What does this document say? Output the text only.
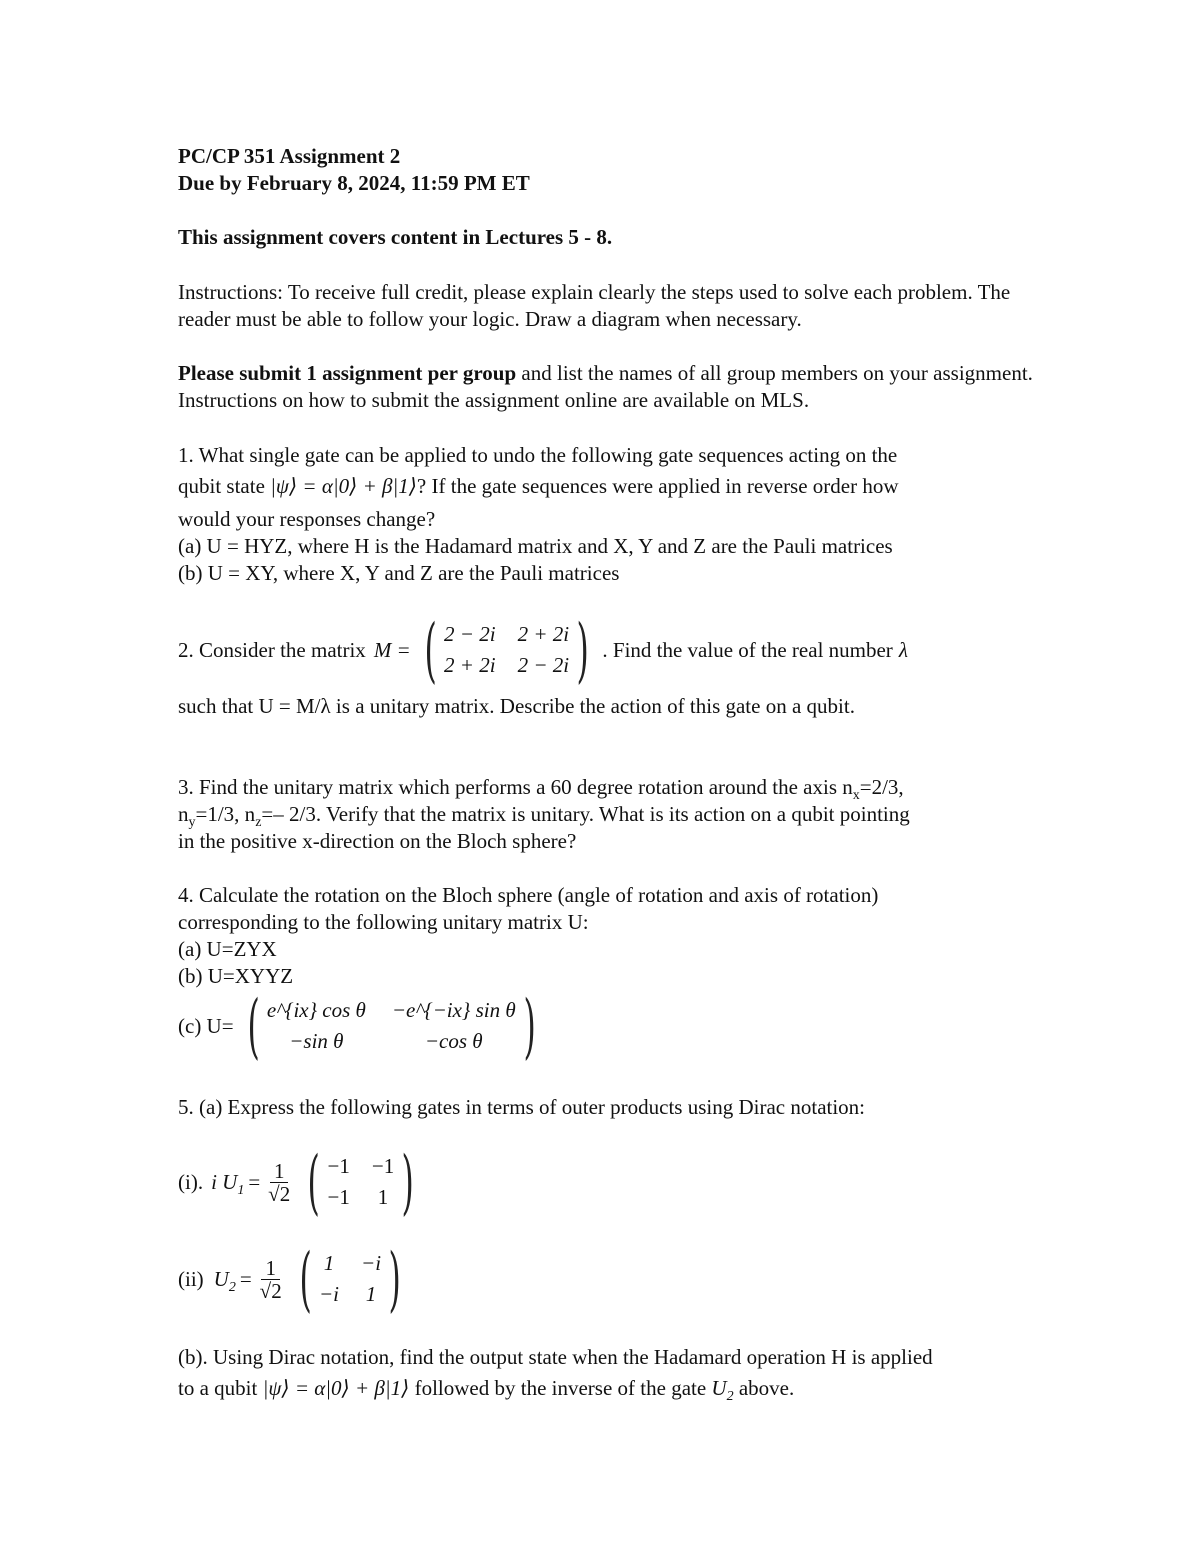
PC/CP 351 Assignment 2
Due by February 8, 2024, 11:59 PM ET
This assignment covers content in Lectures 5 - 8.

Instructions: To receive full credit, please explain clearly the steps used to solve each problem. The reader must be able to follow your logic. Draw a diagram when necessary.

Please submit 1 assignment per group and list the names of all group members on your assignment. Instructions on how to submit the assignment online are available on MLS.

1. What single gate can be applied to undo the following gate sequences acting on the
qubit state |ψ⟩ = α|0⟩ + β|1⟩? If the gate sequences were applied in reverse order how
would your responses change?
(a) U = HYZ, where H is the Hadamard matrix and X, Y and Z are the Pauli matrices
(b) U = XY, where X, Y and Z are the Pauli matrices
2. Consider the matrix M = ( 2 − 2i 2 + 2i
2 + 2i 2 − 2i ) . Find the value of the real number λ
such that U = M/λ is a unitary matrix. Describe the action of this gate on a qubit.
3. Find the unitary matrix which performs a 60 degree rotation around the axis $n_x=2/3$,
$n_y=1/3$, $n_z=-$ 2/3. Verify that the matrix is unitary. What is its action on a qubit pointing
in the positive x-direction on the Bloch sphere?
4. Calculate the rotation on the Bloch sphere (angle of rotation and axis of rotation)
corresponding to the following unitary matrix U:
(a) U=ZYX
(b) U=XYYZ
(c) U= ( e^{ix} cos θ −e^{−ix} sin θ
−sin θ	−cos θ )
5. (a) Express the following gates in terms of outer products using Dirac notation:
(i). i $U_1 = \frac{1}{√2}$ ( −1 −1
−1 1 )
(ii) $U_2 = \frac{1}{√2}$ ( 1 −i
−i 1 )
(b). Using Dirac notation, find the output state when the Hadamard operation H is applied
to a qubit |ψ⟩ = α|0⟩ + β|1⟩ followed by the inverse of the gate $U_2$ above.
